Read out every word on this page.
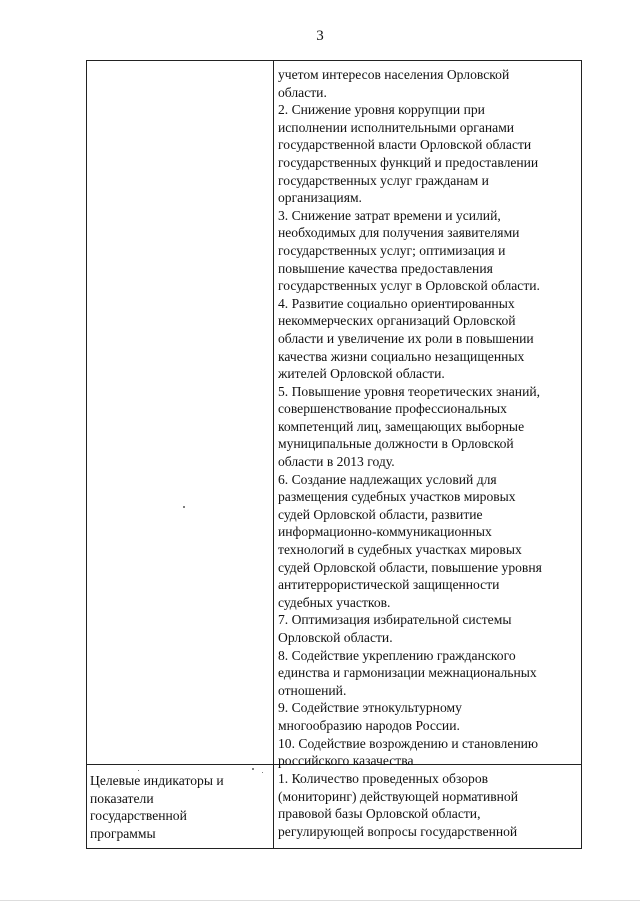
3
учетом интересов населения Орловской
области.
2. Снижение уровня коррупции при
исполнении исполнительными органами
государственной власти Орловской области
государственных функций и предоставлении
государственных услуг гражданам и
организациям.
3. Снижение затрат времени и усилий,
необходимых для получения заявителями
государственных услуг; оптимизация и
повышение качества предоставления
государственных услуг в Орловской области.
4. Развитие социально ориентированных
некоммерческих организаций Орловской
области и увеличение их роли в повышении
качества жизни социально незащищенных
жителей Орловской области.
5. Повышение уровня теоретических знаний,
совершенствование профессиональных
компетенций лиц, замещающих выборные
муниципальные должности в Орловской
области в 2013 году.
6. Создание надлежащих условий для
размещения судебных участков мировых
судей Орловской области, развитие
информационно-коммуникационных
технологий в судебных участках мировых
судей Орловской области, повышение уровня
антитеррористической защищенности
судебных участков.
7. Оптимизация избирательной системы
Орловской области.
8. Содействие укреплению гражданского
единства и гармонизации межнациональных
отношений.
9. Содействие этнокультурному
многообразию народов России.
10. Содействие возрождению и становлению
российского казачества
Целевые индикаторы и
показатели
государственной
программы
1. Количество проведенных обзоров
(мониторинг) действующей нормативной
правовой базы Орловской области,
регулирующей вопросы государственной
